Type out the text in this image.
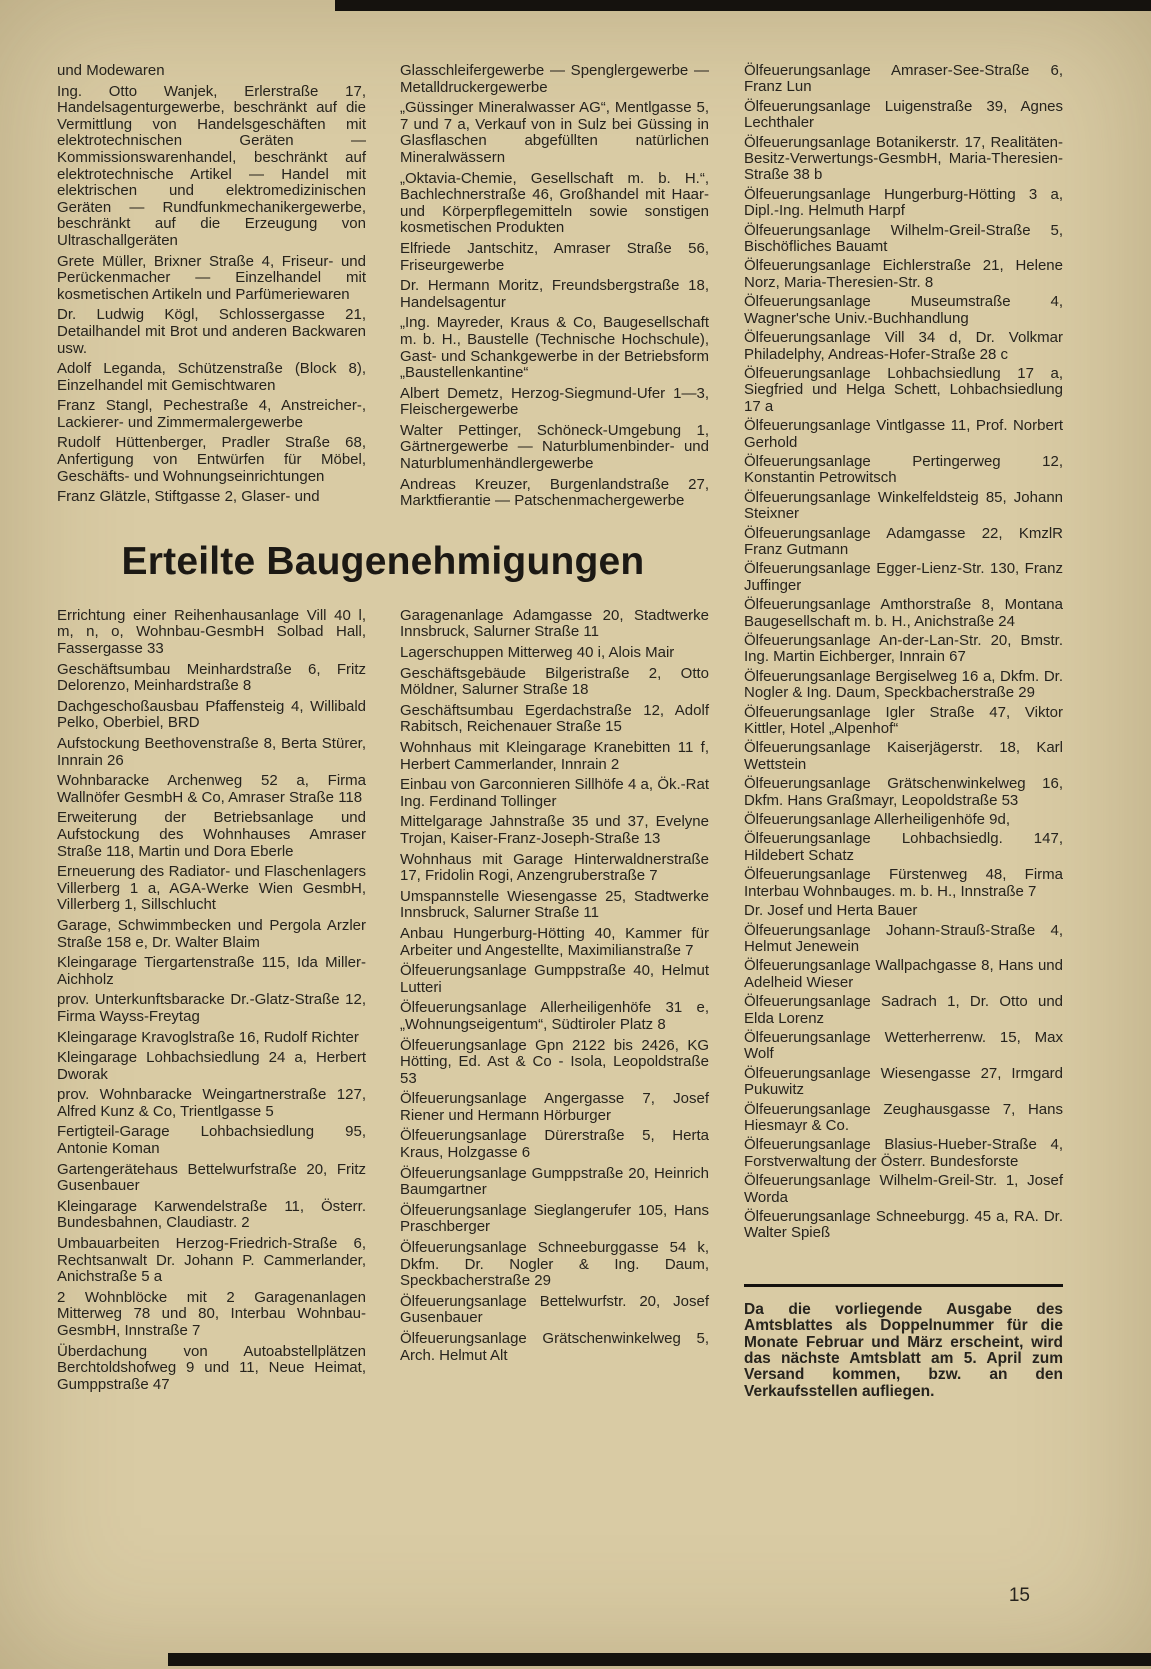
und Modewaren

Ing. Otto Wanjek, Erlerstraße 17, Handelsagenturgewerbe, beschränkt auf die Vermittlung von Handelsgeschäften mit elektrotechnischen Geräten — Kommissionswarenhandel, beschränkt auf elektrotechnische Artikel — Handel mit elektrischen und elektromedizinischen Geräten — Rundfunkmechanikergewerbe, beschränkt auf die Erzeugung von Ultraschallgeräten

Grete Müller, Brixner Straße 4, Friseur- und Perückenmacher — Einzelhandel mit kosmetischen Artikeln und Parfümeriewaren

Dr. Ludwig Kögl, Schlossergasse 21, Detailhandel mit Brot und anderen Backwaren usw.

Adolf Leganda, Schützenstraße (Block 8), Einzelhandel mit Gemischtwaren

Franz Stangl, Pechestraße 4, Anstreicher-, Lackierer- und Zimmermalergewerbe

Rudolf Hüttenberger, Pradler Straße 68, Anfertigung von Entwürfen für Möbel, Geschäfts- und Wohnungseinrichtungen

Franz Glätzle, Stiftgasse 2, Glaser- und

Glasschleifergewerbe — Spenglergewerbe — Metalldruckergewerbe

„Güssinger Mineralwasser AG“, Mentlgasse 5, 7 und 7 a, Verkauf von in Sulz bei Güssing in Glasflaschen abgefüllten natürlichen Mineralwässern

„Oktavia-Chemie, Gesellschaft m. b. H.“, Bachlechnerstraße 46, Großhandel mit Haar- und Körperpflegemitteln sowie sonstigen kosmetischen Produkten

Elfriede Jantschitz, Amraser Straße 56, Friseurgewerbe

Dr. Hermann Moritz, Freundsbergstraße 18, Handelsagentur

„Ing. Mayreder, Kraus & Co, Baugesellschaft m. b. H., Baustelle (Technische Hochschule), Gast- und Schankgewerbe in der Betriebsform „Baustellenkantine“

Albert Demetz, Herzog-Siegmund-Ufer 1—3, Fleischergewerbe

Walter Pettinger, Schöneck-Umgebung 1, Gärtnergewerbe — Naturblumenbinder- und Naturblumenhändlergewerbe

Andreas Kreuzer, Burgenlandstraße 27, Marktfierantie — Patschenmachergewerbe

Erteilte Baugenehmigungen

Errichtung einer Reihenhausanlage Vill 40 l, m, n, o, Wohnbau-GesmbH Solbad Hall, Fassergasse 33

Geschäftsumbau Meinhardstraße 6, Fritz Delorenzo, Meinhardstraße 8

Dachgeschoßausbau Pfaffensteig 4, Willibald Pelko, Oberbiel, BRD

Aufstockung Beethovenstraße 8, Berta Stürer, Innrain 26

Wohnbaracke Archenweg 52 a, Firma Wallnöfer GesmbH & Co, Amraser Straße 118

Erweiterung der Betriebsanlage und Aufstockung des Wohnhauses Amraser Straße 118, Martin und Dora Eberle

Erneuerung des Radiator- und Flaschenlagers Villerberg 1 a, AGA-Werke Wien GesmbH, Villerberg 1, Sillschlucht

Garage, Schwimmbecken und Pergola Arzler Straße 158 e, Dr. Walter Blaim

Kleingarage Tiergartenstraße 115, Ida Miller-Aichholz

prov. Unterkunftsbaracke Dr.-Glatz-Straße 12, Firma Wayss-Freytag

Kleingarage Kravoglstraße 16, Rudolf Richter

Kleingarage Lohbachsiedlung 24 a, Herbert Dworak

prov. Wohnbaracke Weingartnerstraße 127, Alfred Kunz & Co, Trientlgasse 5

Fertigteil-Garage Lohbachsiedlung 95, Antonie Koman

Gartengerätehaus Bettelwurfstraße 20, Fritz Gusenbauer

Kleingarage Karwendelstraße 11, Österr. Bundesbahnen, Claudiastr. 2

Umbauarbeiten Herzog-Friedrich-Straße 6, Rechtsanwalt Dr. Johann P. Cammerlander, Anichstraße 5 a

2 Wohnblöcke mit 2 Garagenanlagen Mitterweg 78 und 80, Interbau Wohnbau-GesmbH, Innstraße 7

Überdachung von Autoabstellplätzen Berchtoldshofweg 9 und 11, Neue Heimat, Gumppstraße 47

Garagenanlage Adamgasse 20, Stadtwerke Innsbruck, Salurner Straße 11

Lagerschuppen Mitterweg 40 i, Alois Mair

Geschäftsgebäude Bilgeristraße 2, Otto Möldner, Salurner Straße 18

Geschäftsumbau Egerdachstraße 12, Adolf Rabitsch, Reichenauer Straße 15

Wohnhaus mit Kleingarage Kranebitten 11 f, Herbert Cammerlander, Innrain 2

Einbau von Garconnieren Sillhöfe 4 a, Ök.-Rat Ing. Ferdinand Tollinger

Mittelgarage Jahnstraße 35 und 37, Evelyne Trojan, Kaiser-Franz-Joseph-Straße 13

Wohnhaus mit Garage Hinterwaldnerstraße 17, Fridolin Rogi, Anzengruberstraße 7

Umspannstelle Wiesengasse 25, Stadtwerke Innsbruck, Salurner Straße 11

Anbau Hungerburg-Hötting 40, Kammer für Arbeiter und Angestellte, Maximilianstraße 7

Ölfeuerungsanlage Gumppstraße 40, Helmut Lutteri

Ölfeuerungsanlage Allerheiligenhöfe 31 e, „Wohnungseigentum“, Südtiroler Platz 8

Ölfeuerungsanlage Gpn 2122 bis 2426, KG Hötting, Ed. Ast & Co - Isola, Leopoldstraße 53

Ölfeuerungsanlage Angergasse 7, Josef Riener und Hermann Hörburger

Ölfeuerungsanlage Dürerstraße 5, Herta Kraus, Holzgasse 6

Ölfeuerungsanlage Gumppstraße 20, Heinrich Baumgartner

Ölfeuerungsanlage Sieglangerufer 105, Hans Praschberger

Ölfeuerungsanlage Schneeburggasse 54 k, Dkfm. Dr. Nogler & Ing. Daum, Speckbacherstraße 29

Ölfeuerungsanlage Bettelwurfstr. 20, Josef Gusenbauer

Ölfeuerungsanlage Grätschenwinkelweg 5, Arch. Helmut Alt

Ölfeuerungsanlage Amraser-See-Straße 6, Franz Lun

Ölfeuerungsanlage Luigenstraße 39, Agnes Lechthaler

Ölfeuerungsanlage Botanikerstr. 17, Realitäten-Besitz-Verwertungs-GesmbH, Maria-Theresien-Straße 38 b

Ölfeuerungsanlage Hungerburg-Hötting 3 a, Dipl.-Ing. Helmuth Harpf

Ölfeuerungsanlage Wilhelm-Greil-Straße 5, Bischöfliches Bauamt

Ölfeuerungsanlage Eichlerstraße 21, Helene Norz, Maria-Theresien-Str. 8

Ölfeuerungsanlage Museumstraße 4, Wagner'sche Univ.-Buchhandlung

Ölfeuerungsanlage Vill 34 d, Dr. Volkmar Philadelphy, Andreas-Hofer-Straße 28 c

Ölfeuerungsanlage Lohbachsiedlung 17 a, Siegfried und Helga Schett, Lohbachsiedlung 17 a

Ölfeuerungsanlage Vintlgasse 11, Prof. Norbert Gerhold

Ölfeuerungsanlage Pertingerweg 12, Konstantin Petrowitsch

Ölfeuerungsanlage Winkelfeldsteig 85, Johann Steixner

Ölfeuerungsanlage Adamgasse 22, KmzlR Franz Gutmann

Ölfeuerungsanlage Egger-Lienz-Str. 130, Franz Juffinger

Ölfeuerungsanlage Amthorstraße 8, Montana Baugesellschaft m. b. H., Anichstraße 24

Ölfeuerungsanlage An-der-Lan-Str. 20, Bmstr. Ing. Martin Eichberger, Innrain 67

Ölfeuerungsanlage Bergiselweg 16 a, Dkfm. Dr. Nogler & Ing. Daum, Speckbacherstraße 29

Ölfeuerungsanlage Igler Straße 47, Viktor Kittler, Hotel „Alpenhof“

Ölfeuerungsanlage Kaiserjägerstr. 18, Karl Wettstein

Ölfeuerungsanlage Grätschenwinkelweg 16, Dkfm. Hans Graßmayr, Leopoldstraße 53

Ölfeuerungsanlage Allerheiligenhöfe 9d,

Ölfeuerungsanlage Lohbachsiedlg. 147, Hildebert Schatz

Ölfeuerungsanlage Fürstenweg 48, Firma Interbau Wohnbauges. m. b. H., Innstraße 7

Dr. Josef und Herta Bauer

Ölfeuerungsanlage Johann-Strauß-Straße 4, Helmut Jenewein

Ölfeuerungsanlage Wallpachgasse 8, Hans und Adelheid Wieser

Ölfeuerungsanlage Sadrach 1, Dr. Otto und Elda Lorenz

Ölfeuerungsanlage Wetterherrenw. 15, Max Wolf

Ölfeuerungsanlage Wiesengasse 27, Irmgard Pukuwitz

Ölfeuerungsanlage Zeughausgasse 7, Hans Hiesmayr & Co.

Ölfeuerungsanlage Blasius-Hueber-Straße 4, Forstverwaltung der Österr. Bundesforste

Ölfeuerungsanlage Wilhelm-Greil-Str. 1, Josef Worda

Ölfeuerungsanlage Schneeburgg. 45 a, RA. Dr. Walter Spieß

Da die vorliegende Ausgabe des Amtsblattes als Doppelnummer für die Monate Februar und März erscheint, wird das nächste Amtsblatt am 5. April zum Versand kommen, bzw. an den Verkaufsstellen aufliegen.

15
